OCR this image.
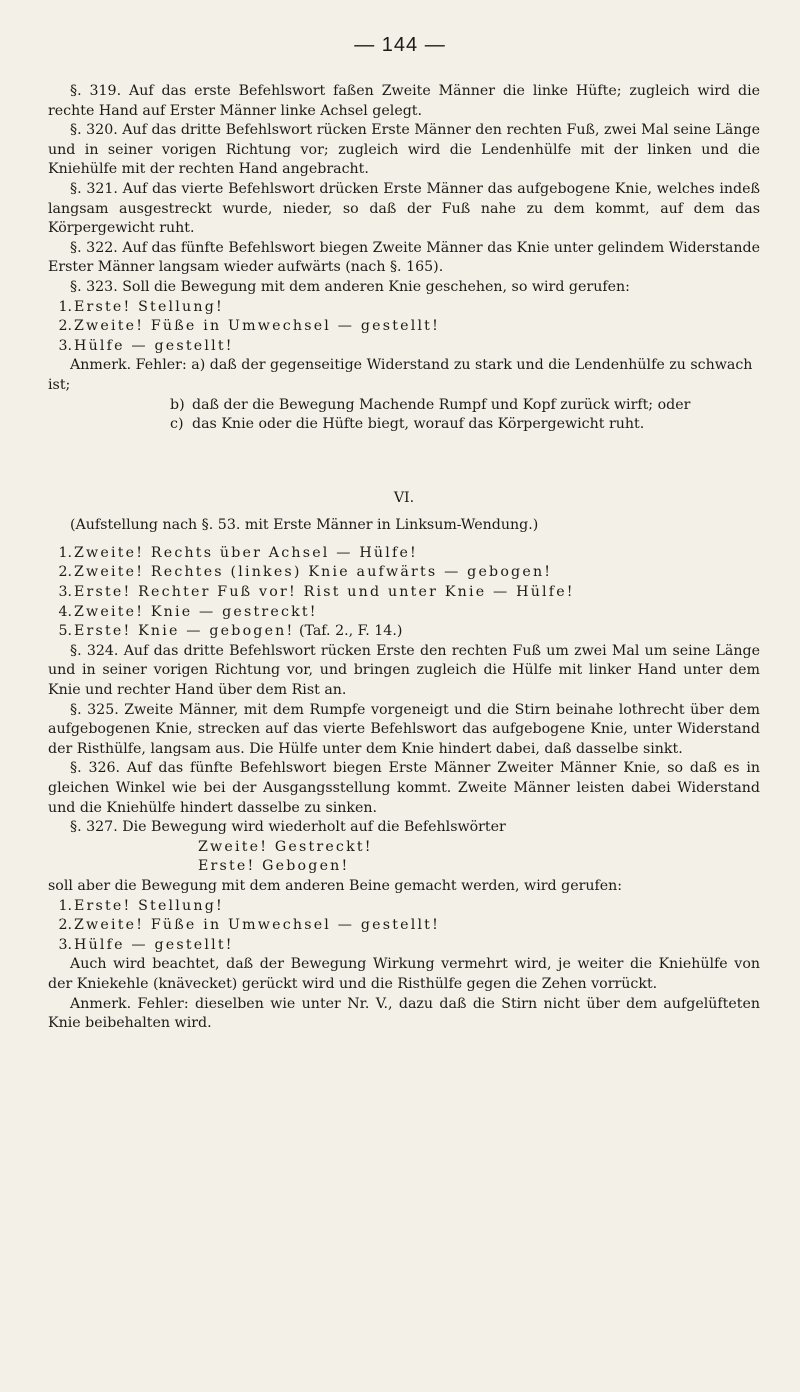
— 144 —

§. 319. Auf das erste Befehlswort faßen Zweite Männer die linke Hüfte; zugleich wird die rechte Hand auf Erster Männer linke Achsel gelegt.

§. 320. Auf das dritte Befehlswort rücken Erste Männer den rechten Fuß, zwei Mal seine Länge und in seiner vorigen Richtung vor; zugleich wird die Lendenhülfe mit der linken und die Kniehülfe mit der rechten Hand angebracht.

§. 321. Auf das vierte Befehlswort drücken Erste Männer das aufgebogene Knie, welches indeß langsam ausgestreckt wurde, nieder, so daß der Fuß nahe zu dem kommt, auf dem das Körpergewicht ruht.

§. 322. Auf das fünfte Befehlswort biegen Zweite Männer das Knie unter gelindem Widerstande Erster Männer langsam wieder aufwärts (nach §. 165).

§. 323. Soll die Bewegung mit dem anderen Knie geschehen, so wird gerufen:

1. Erste! Stellung!

2. Zweite! Füße in Umwechsel — gestellt!

3. Hülfe — gestellt!

Anmerk. Fehler: a) daß der gegenseitige Widerstand zu stark und die Lendenhülfe zu schwach ist;

b) daß der die Bewegung Machende Rumpf und Kopf zurück wirft; oder

c) das Knie oder die Hüfte biegt, worauf das Körpergewicht ruht.

VI.

(Aufstellung nach §. 53. mit Erste Männer in Linksum-Wendung.)

1. Zweite! Rechts über Achsel — Hülfe!

2. Zweite! Rechtes (linkes) Knie aufwärts — gebogen!

3. Erste! Rechter Fuß vor! Rist und unter Knie — Hülfe!

4. Zweite! Knie — gestreckt!

5. Erste! Knie — gebogen! (Taf. 2., F. 14.)

§. 324. Auf das dritte Befehlswort rücken Erste den rechten Fuß um zwei Mal um seine Länge und in seiner vorigen Richtung vor, und bringen zugleich die Hülfe mit linker Hand unter dem Knie und rechter Hand über dem Rist an.

§. 325. Zweite Männer, mit dem Rumpfe vorgeneigt und die Stirn beinahe lothrecht über dem aufgebogenen Knie, strecken auf das vierte Befehlswort das aufgebogene Knie, unter Widerstand der Risthülfe, langsam aus. Die Hülfe unter dem Knie hindert dabei, daß dasselbe sinkt.

§. 326. Auf das fünfte Befehlswort biegen Erste Männer Zweiter Männer Knie, so daß es in gleichen Winkel wie bei der Ausgangsstellung kommt. Zweite Männer leisten dabei Widerstand und die Kniehülfe hindert dasselbe zu sinken.

§. 327. Die Bewegung wird wiederholt auf die Befehlswörter

Zweite! Gestreckt!

Erste! Gebogen!

soll aber die Bewegung mit dem anderen Beine gemacht werden, wird gerufen:

1. Erste! Stellung!

2. Zweite! Füße in Umwechsel — gestellt!

3. Hülfe — gestellt!

Auch wird beachtet, daß der Bewegung Wirkung vermehrt wird, je weiter die Kniehülfe von der Kniekehle (knävecket) gerückt wird und die Risthülfe gegen die Zehen vorrückt.

Anmerk. Fehler: dieselben wie unter Nr. V., dazu daß die Stirn nicht über dem aufgelüfteten Knie beibehalten wird.
